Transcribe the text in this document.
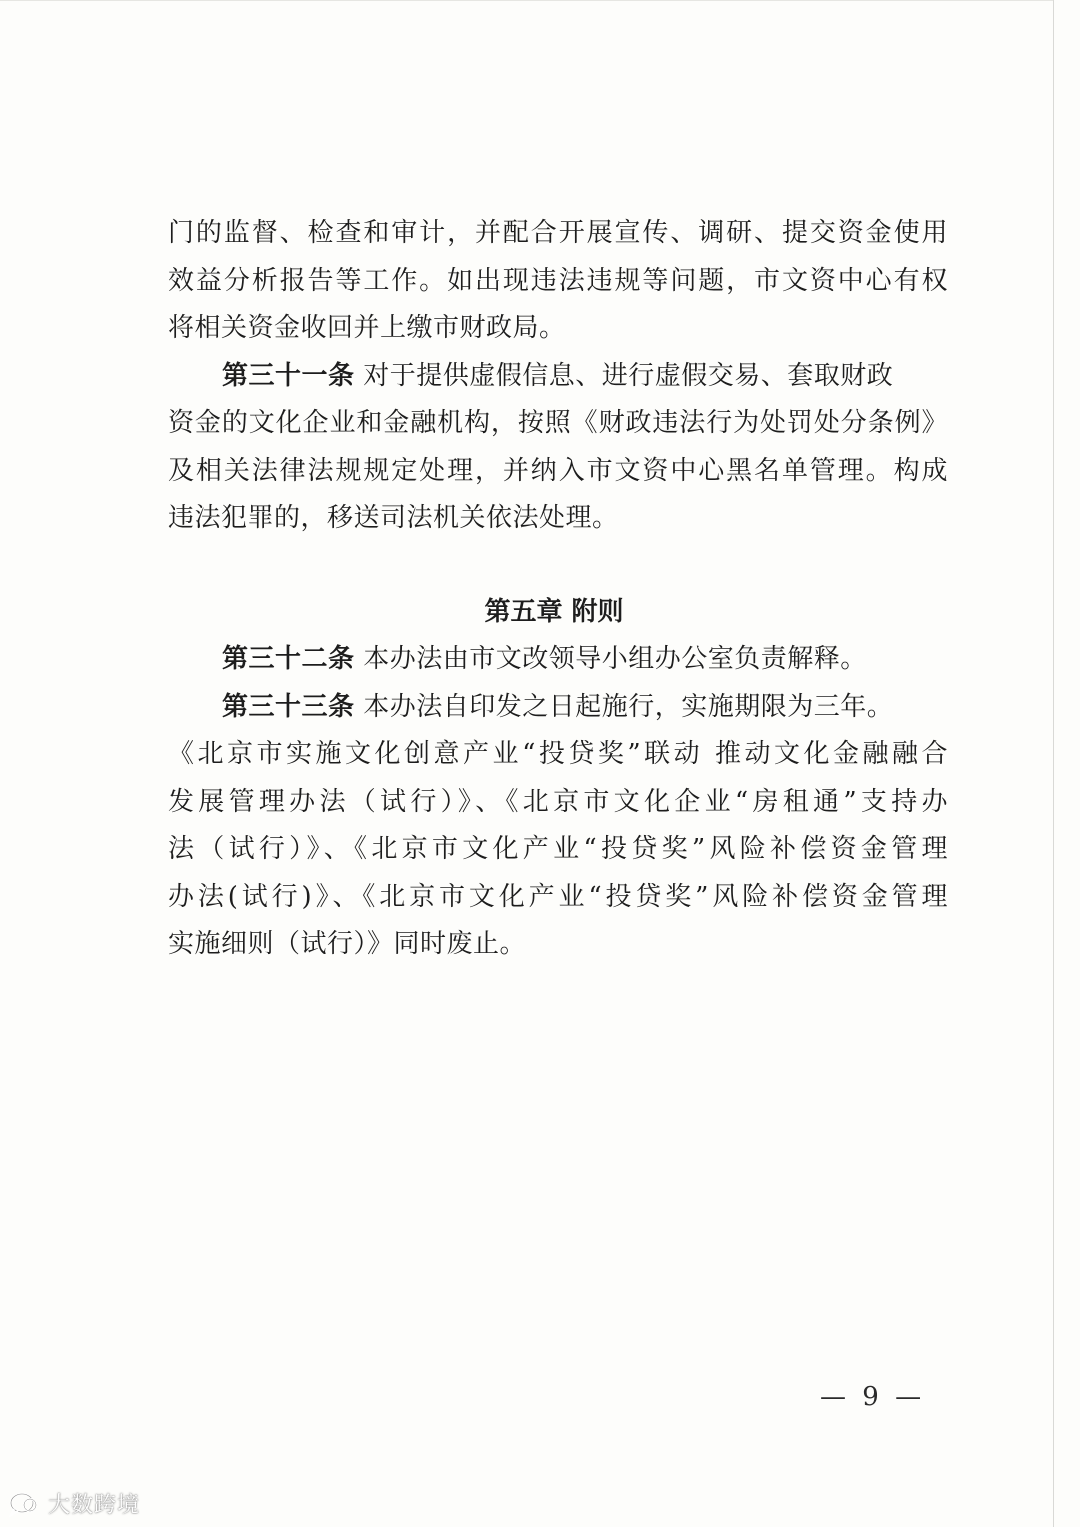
门的监督、检查和审计，并配合开展宣传、调研、提交资金使用
效益分析报告等工作。如出现违法违规等问题，市文资中心有权
将相关资金收回并上缴市财政局。
第三十一条 对于提供虚假信息、进行虚假交易、套取财政
资金的文化企业和金融机构，按照《财政违法行为处罚处分条例》
及相关法律法规规定处理，并纳入市文资中心黑名单管理。构成
违法犯罪的，移送司法机关依法处理。
第五章 附则
第三十二条 本办法由市文改领导小组办公室负责解释。
第三十三条 本办法自印发之日起施行，实施期限为三年。
《北京市实施文化创意产业“投贷奖”联动 推动文化金融融合
发展管理办法（试行）》、《北京市文化企业“房租通”支持办
法（试行）》、《北京市文化产业“投贷奖”风险补偿资金管理
办法(试行)》、《北京市文化产业“投贷奖”风险补偿资金管理
实施细则（试行）》同时废止。
— 9 —
大数跨境
